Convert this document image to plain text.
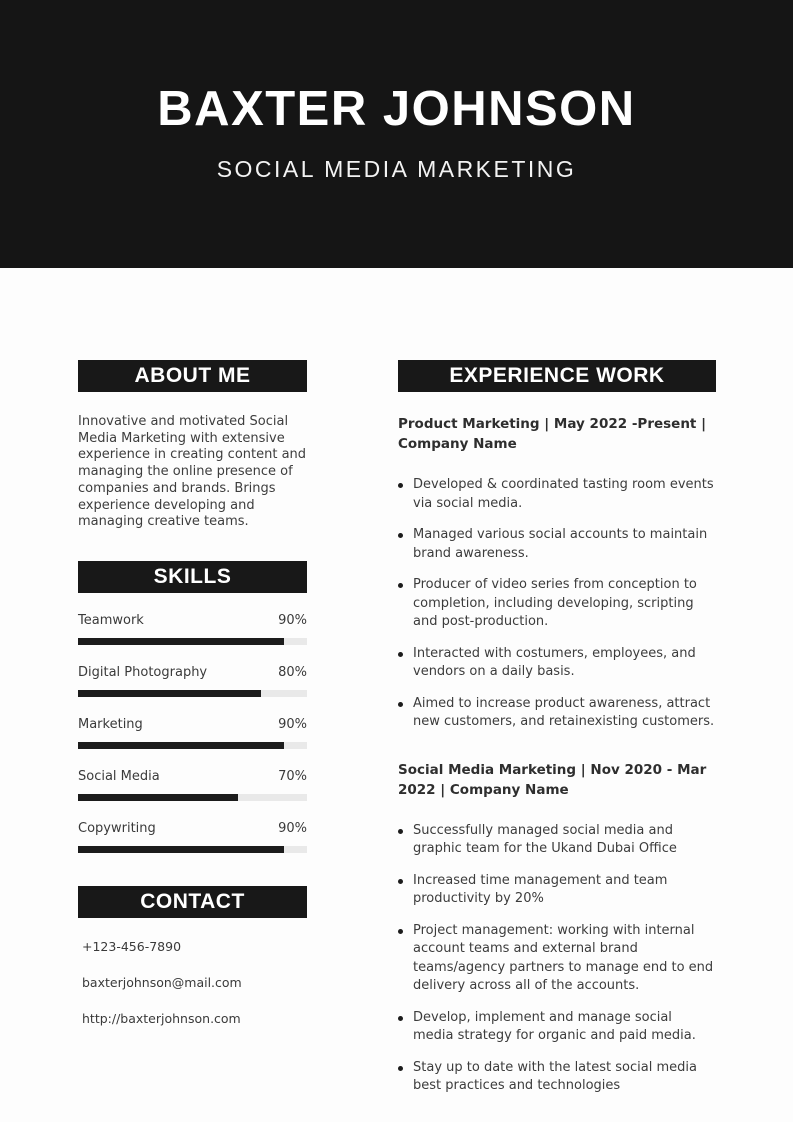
BAXTER JOHNSON
SOCIAL MEDIA MARKETING
ABOUT ME
Innovative and motivated Social Media Marketing with extensive experience in creating content and managing the online presence of companies and brands. Brings experience developing and managing creative teams.
SKILLS
Teamwork	90%
Digital Photography	80%
Marketing	90%
Social Media	70%
Copywriting	90%
CONTACT
+123-456-7890
baxterjohnson@mail.com
http://baxterjohnson.com
EXPERIENCE WORK
Product Marketing | May 2022 -Present | Company Name
Developed & coordinated tasting room events via social media.
Managed various social accounts to maintain brand awareness.
Producer of video series from conception to completion, including developing, scripting and post-production.
Interacted with costumers, employees, and vendors on a daily basis.
Aimed to increase product awareness, attract new customers, and retainexisting customers.
Social Media Marketing | Nov 2020 - Mar 2022 | Company Name
Successfully managed social media and graphic team for the Ukand Dubai Office
Increased time management and team productivity by 20%
Project management: working with internal account teams and external brand teams/agency partners to manage end to end delivery across all of the accounts.
Develop, implement and manage social media strategy for organic and paid media.
Stay up to date with the latest social media best practices and technologies
